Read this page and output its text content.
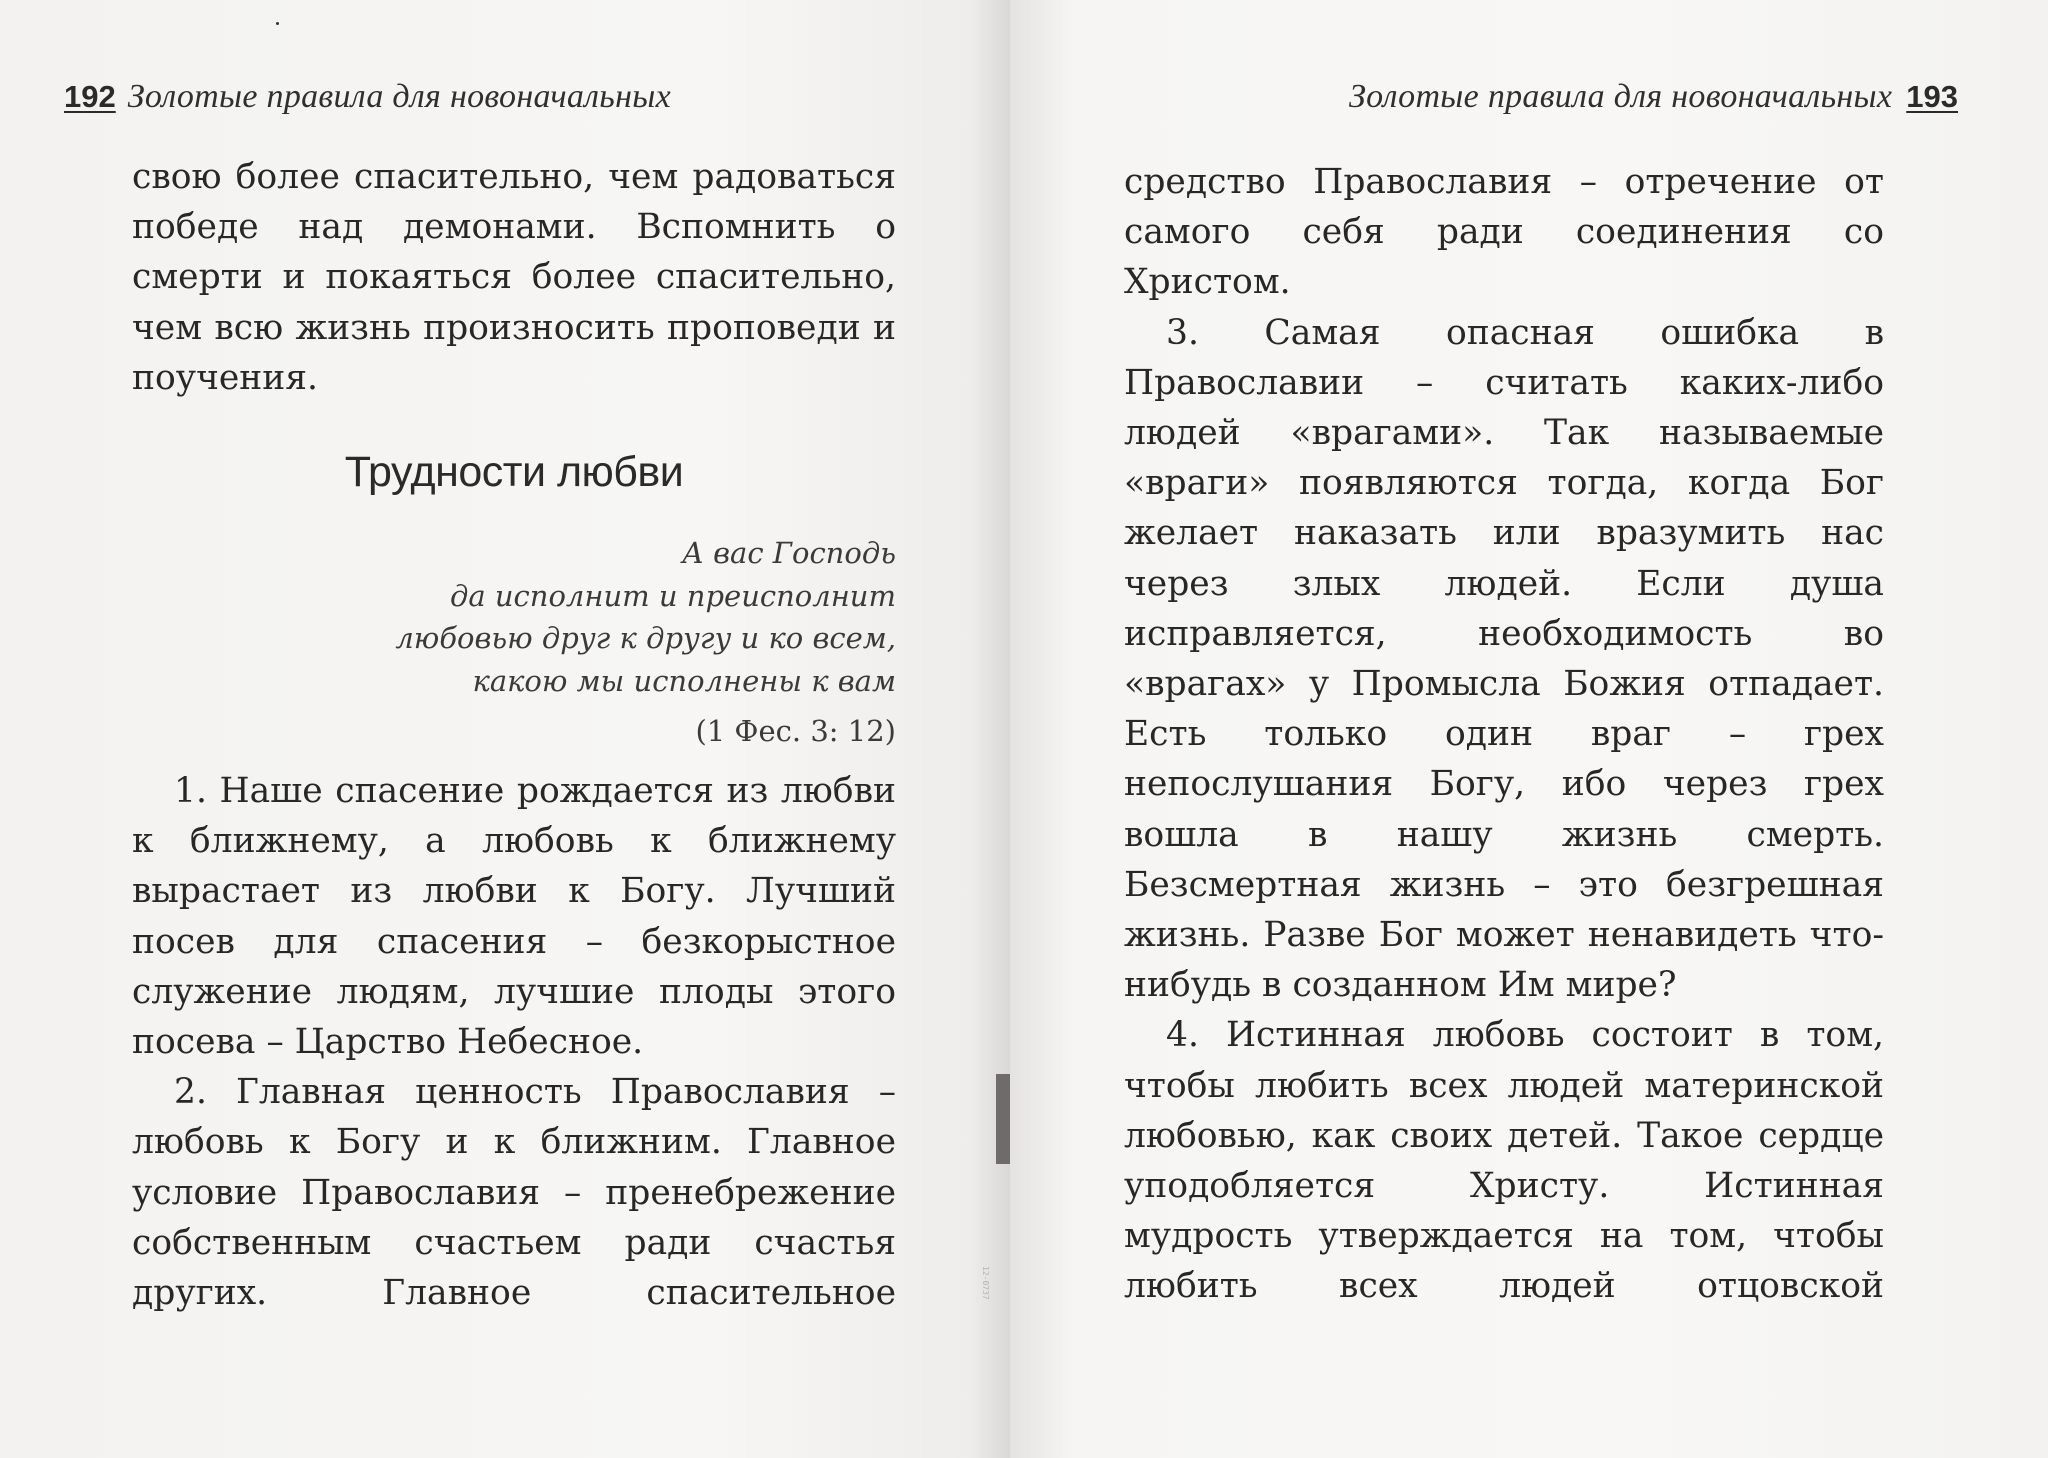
192 Золотые правила для новоначальных

свою более спасительно, чем радоваться победе над демонами. Вспомнить о смерти и покаяться более спасительно, чем всю жизнь произносить проповеди и поучения.

Трудности любви
А вас Господь
да исполнит и преисполнит
любовью друг к другу и ко всем,
какою мы исполнены к вам
(1 Фес. 3: 12)

1. Наше спасение рождается из любви к ближнему, а любовь к ближнему вырастает из любви к Богу. Лучший посев для спасения – безкорыстное служение людям, лучшие плоды этого посева – Царство Небесное.

2. Главная ценность Православия – любовь к Богу и к ближним. Главное условие Православия – пренебрежение собственным счастьем ради счастья других. Главное спасительное	12-0737
Золотые правила для новоначальных 193

средство Православия – отречение от самого себя ради соединения со Христом.

3. Самая опасная ошибка в Православии – считать каких-либо людей «врагами». Так называемые «враги» появляются тогда, когда Бог желает наказать или вразумить нас через злых людей. Если душа исправляется, необходимость во «врагах» у Промысла Божия отпадает. Есть только один враг – грех непослушания Богу, ибо через грех вошла в нашу жизнь смерть. Безсмертная жизнь – это безгрешная жизнь. Разве Бог может ненавидеть что-нибудь в созданном Им мире?

4. Истинная любовь состоит в том, чтобы любить всех людей материнской любовью, как своих детей. Такое сердце уподобляется Христу. Истинная мудрость утверждается на том, чтобы любить всех людей отцовской
